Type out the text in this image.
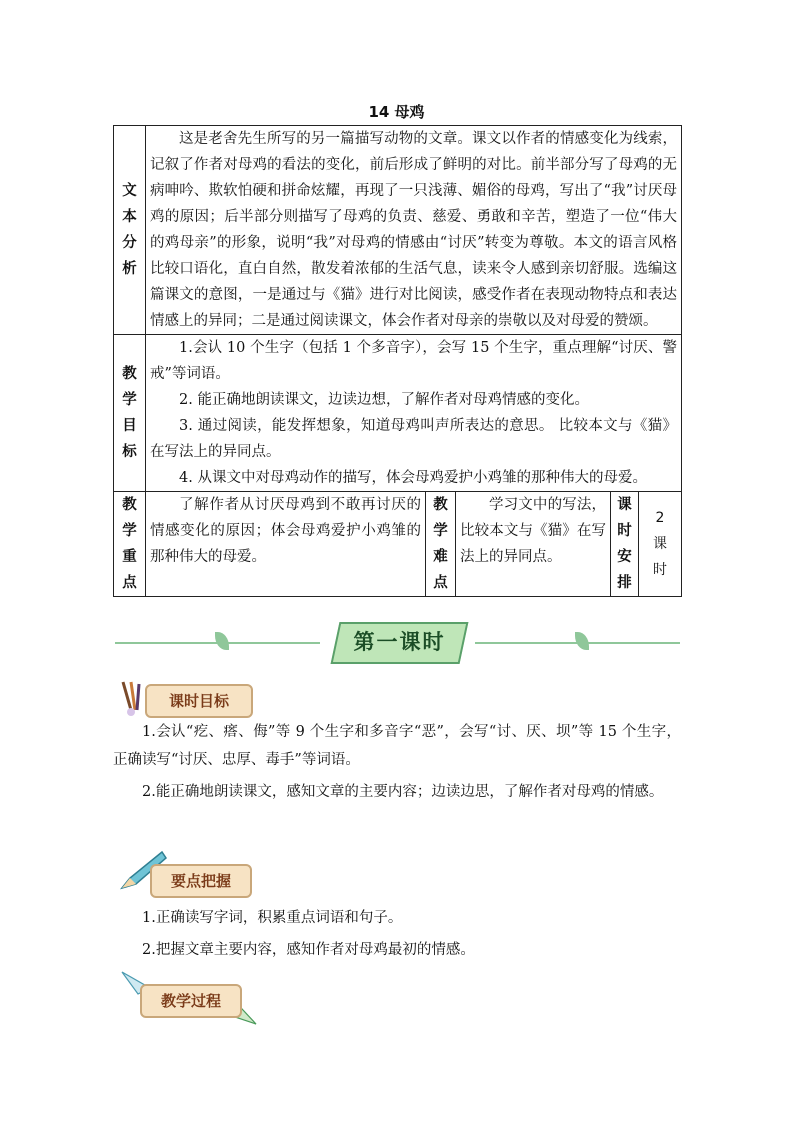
14 母鸡
文本分析	这是老舍先生所写的另一篇描写动物的文章。课文以作者的情感变化为线索，记叙了作者对母鸡的看法的变化，前后形成了鲜明的对比。前半部分写了母鸡的无病呻吟、欺软怕硬和拼命炫耀，再现了一只浅薄、媚俗的母鸡，写出了“我”讨厌母鸡的原因；后半部分则描写了母鸡的负责、慈爱、勇敢和辛苦，塑造了一位“伟大的鸡母亲”的形象，说明“我”对母鸡的情感由“讨厌”转变为尊敬。本文的语言风格比较口语化，直白自然，散发着浓郁的生活气息，读来令人感到亲切舒服。选编这篇课文的意图，一是通过与《猫》进行对比阅读，感受作者在表现动物特点和表达情感上的异同；二是通过阅读课文，体会作者对母亲的崇敬以及对母爱的赞颂。				

教学目标	1.会认 10 个生字（包括 1 个多音字），会写 15 个生字，重点理解“讨厌、警戒”等词语。
2. 能正确地朗读课文，边读边想，了解作者对母鸡情感的变化。
3. 通过阅读，能发挥想象，知道母鸡叫声所表达的意思。 比较本文与《猫》在写法上的异同点。
4. 从课文中对母鸡动作的描写，体会母鸡爱护小鸡雏的那种伟大的母爱。				

教学重点	了解作者从讨厌母鸡到不敢再讨厌的情感变化的原因；体会母鸡爱护小鸡雏的那种伟大的母爱。	教学难点	学习文中的写法，比较本文与《猫》在写法上的异同点。	课时安排	2课时
第一课时
课时目标

1.会认“疙、瘩、侮”等 9 个生字和多音字“恶”，会写“讨、厌、坝”等 15 个生字，正确读写“讨厌、忠厚、毒手”等词语。

2.能正确地朗读课文，感知文章的主要内容；边读边思，了解作者对母鸡的情感。

要点把握

1.正确读写字词，积累重点词语和句子。

2.把握文章主要内容，感知作者对母鸡最初的情感。

教学过程
